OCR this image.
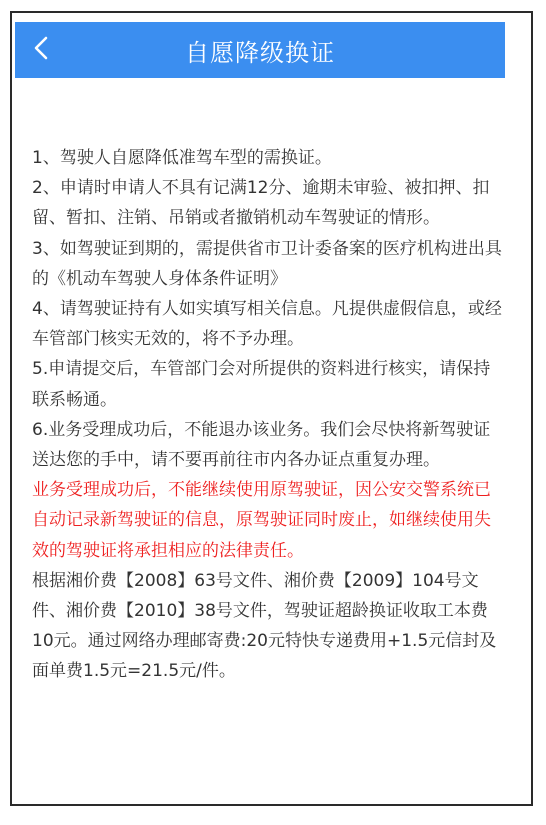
自愿降级换证

1、驾驶人自愿降低准驾车型的需换证。

2、申请时申请人不具有记满12分、逾期未审验、被扣押、扣留、暂扣、注销、吊销或者撤销机动车驾驶证的情形。

3、如驾驶证到期的，需提供省市卫计委备案的医疗机构进出具的《机动车驾驶人身体条件证明》

4、请驾驶证持有人如实填写相关信息。凡提供虚假信息，或经车管部门核实无效的，将不予办理。

5.申请提交后，车管部门会对所提供的资料进行核实，请保持联系畅通。

6.业务受理成功后，不能退办该业务。我们会尽快将新驾驶证送达您的手中，请不要再前往市内各办证点重复办理。

业务受理成功后，不能继续使用原驾驶证，因公安交警系统已自动记录新驾驶证的信息，原驾驶证同时废止，如继续使用失效的驾驶证将承担相应的法律责任。

根据湘价费【2008】63号文件、湘价费【2009】104号文件、湘价费【2010】38号文件，驾驶证超龄换证收取工本费10元。通过网络办理邮寄费:20元特快专递费用+1.5元信封及面单费1.5元=21.5元/件。
